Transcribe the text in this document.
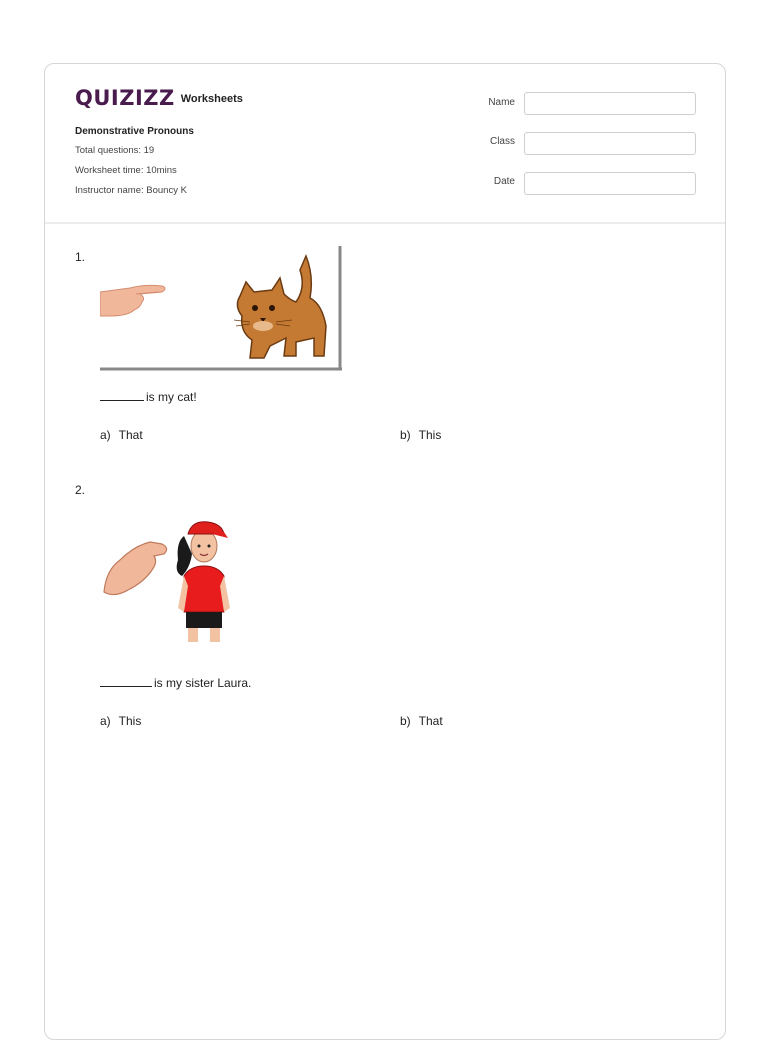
QUIZIZZ Worksheets
Demonstrative Pronouns
Total questions: 19
Worksheet time: 10mins
Instructor name: Bouncy K
Name
Class
Date
1.
is my cat!
a) That	b) This
2.
is my sister Laura.
a) This	b) That
